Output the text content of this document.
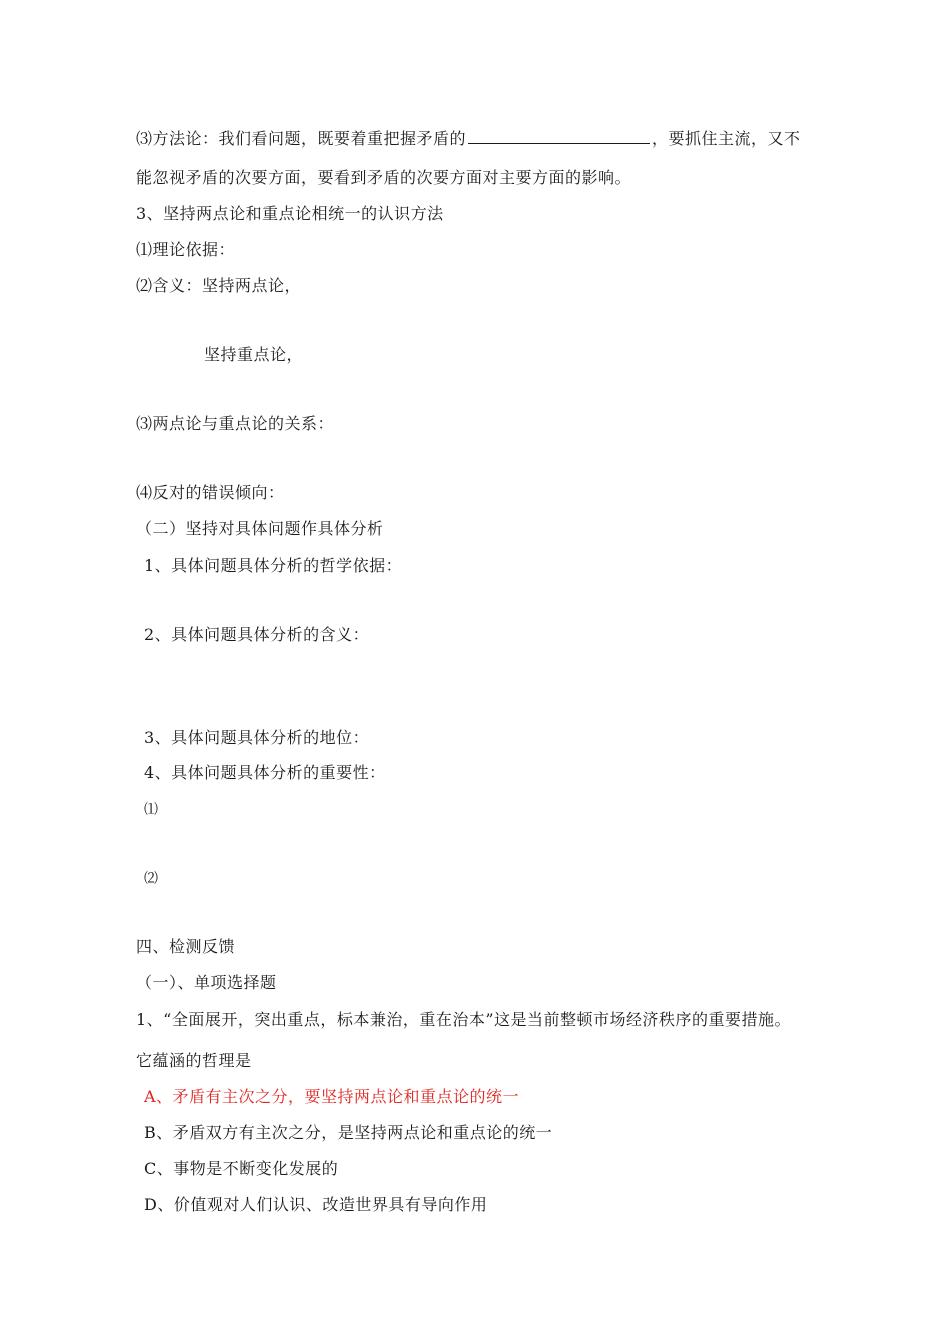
⑶方法论：我们看问题，既要着重把握矛盾的	，要抓住主流，又不
能忽视矛盾的次要方面，要看到矛盾的次要方面对主要方面的影响。
3、坚持两点论和重点论相统一的认识方法
⑴理论依据：
⑵含义：坚持两点论，
坚持重点论，
⑶两点论与重点论的关系：
⑷反对的错误倾向：
（二）坚持对具体问题作具体分析
1、具体问题具体分析的哲学依据：
2、具体问题具体分析的含义：
3、具体问题具体分析的地位：
4、具体问题具体分析的重要性：
⑴
⑵
四、检测反馈
（一）、单项选择题
1、“全面展开，突出重点，标本兼治，重在治本”这是当前整顿市场经济秩序的重要措施。
它蕴涵的哲理是
A、矛盾有主次之分，要坚持两点论和重点论的统一
B、矛盾双方有主次之分，是坚持两点论和重点论的统一
C、事物是不断变化发展的
D、价值观对人们认识、改造世界具有导向作用
